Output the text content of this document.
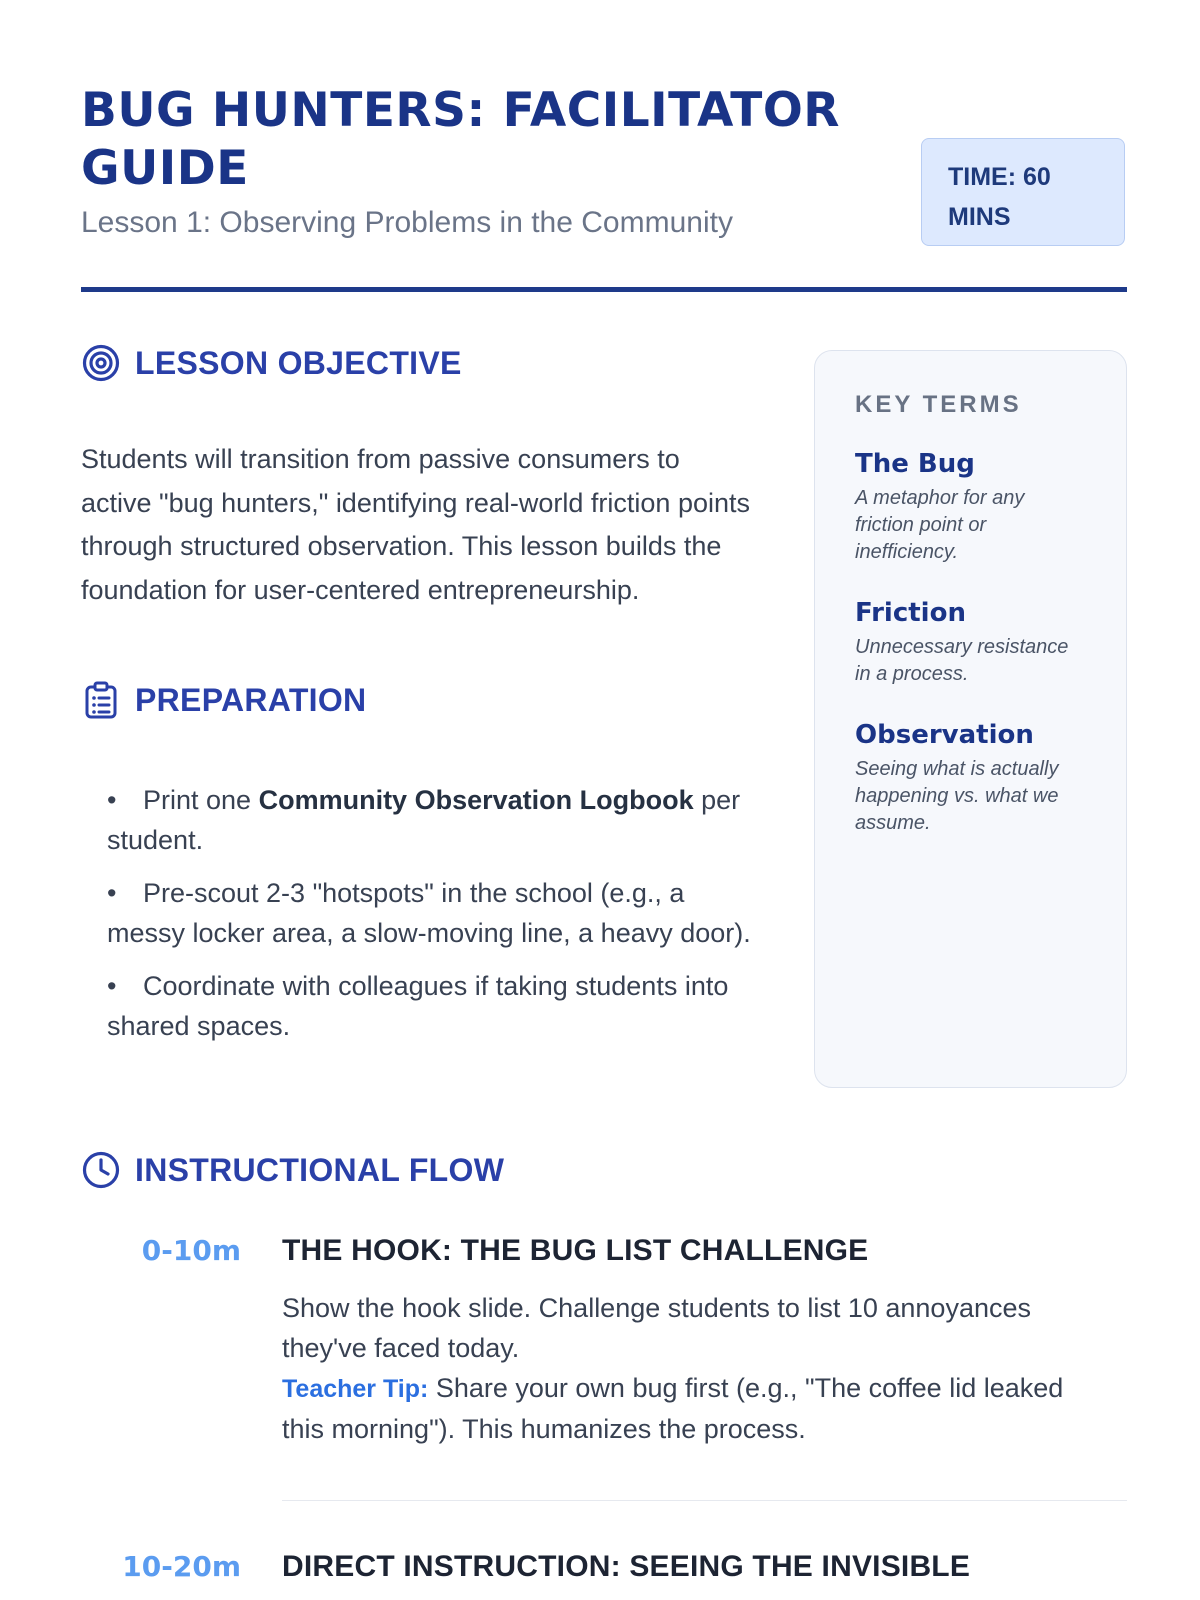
BUG HUNTERS: FACILITATOR GUIDE

Lesson 1: Observing Problems in the Community

TIME: 60 MINS
LESSON OBJECTIVE

Students will transition from passive consumers to active "bug hunters," identifying real-world friction points through structured observation. This lesson builds the foundation for user-centered entrepreneurship.

PREPARATION
• Print one Community Observation Logbook per student.
• Pre-scout 2-3 "hotspots" in the school (e.g., a messy locker area, a slow-moving line, a heavy door).
• Coordinate with colleagues if taking students into shared spaces.

KEY TERMS

The Bug

A metaphor for any friction point or inefficiency.

Friction

Unnecessary resistance in a process.

Observation

Seeing what is actually happening vs. what we assume.

INSTRUCTIONAL FLOW
0-10m THE HOOK: THE BUG LIST CHALLENGE

Show the hook slide. Challenge students to list 10 annoyances they've faced today.
Teacher Tip: Share your own bug first (e.g., "The coffee lid leaked this morning"). This humanizes the process.

10-20m DIRECT INSTRUCTION: SEEING THE INVISIBLE
